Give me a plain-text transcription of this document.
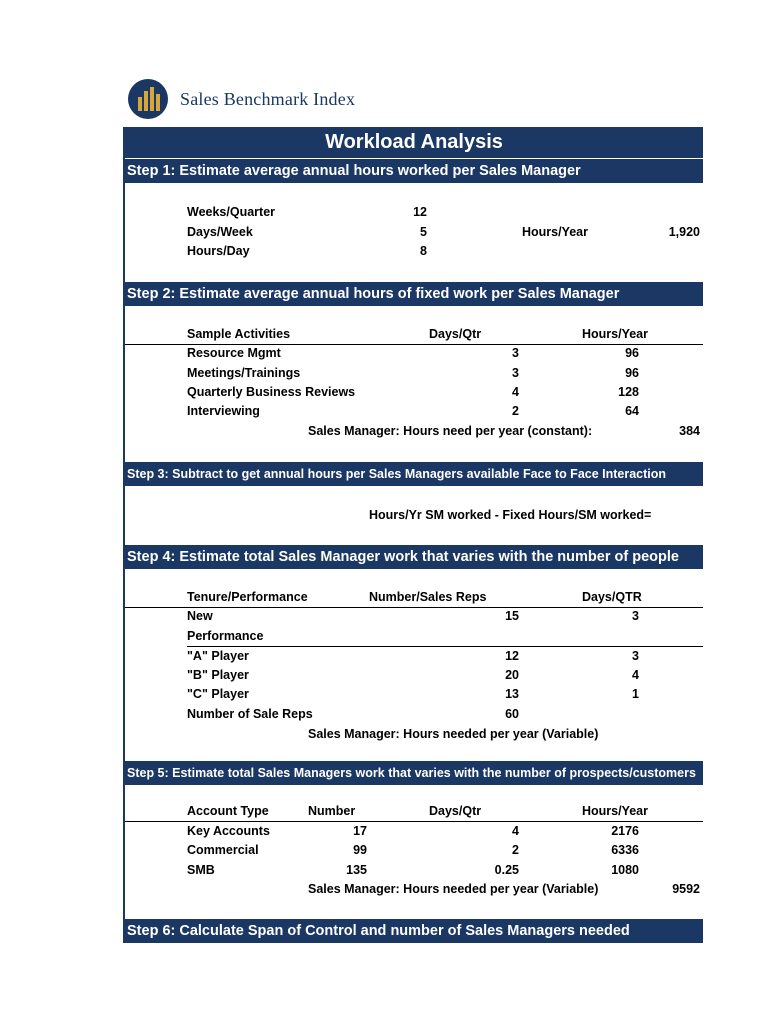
Sales Benchmark Index
Workload Analysis
Step 1: Estimate average annual hours worked per Sales Manager
Weeks/Quarter	12
Days/Week	5
Hours/Day	8
Hours/Year	1,920
Step 2: Estimate average annual hours of fixed work per Sales Manager
Sample Activities	Days/Qtr	Hours/Year
Resource Mgmt	3	96
Meetings/Trainings	3	96
Quarterly Business Reviews	4	128
Interviewing	2	64
Sales Manager: Hours need per year (constant):	384
Step 3: Subtract to get annual hours per Sales Managers available Face to Face Interaction
Hours/Yr SM worked - Fixed Hours/SM worked=
Step 4: Estimate total Sales Manager work that varies with the number of people
Tenure/Performance	Number/Sales Reps	Days/QTR
New	15	3
Performance
"A" Player	12	3
"B" Player	20	4
"C" Player	13	1
Number of Sale Reps	60
Sales Manager: Hours needed per year (Variable)
Step 5: Estimate total Sales Managers work that varies with the number of prospects/customers
Account Type	Number	Days/Qtr	Hours/Year
Key Accounts	17	4	2176
Commercial	99	2	6336
SMB	135	0.25	1080
Sales Manager: Hours needed per year (Variable)	9592
Step 6: Calculate Span of Control and number of Sales Managers needed
